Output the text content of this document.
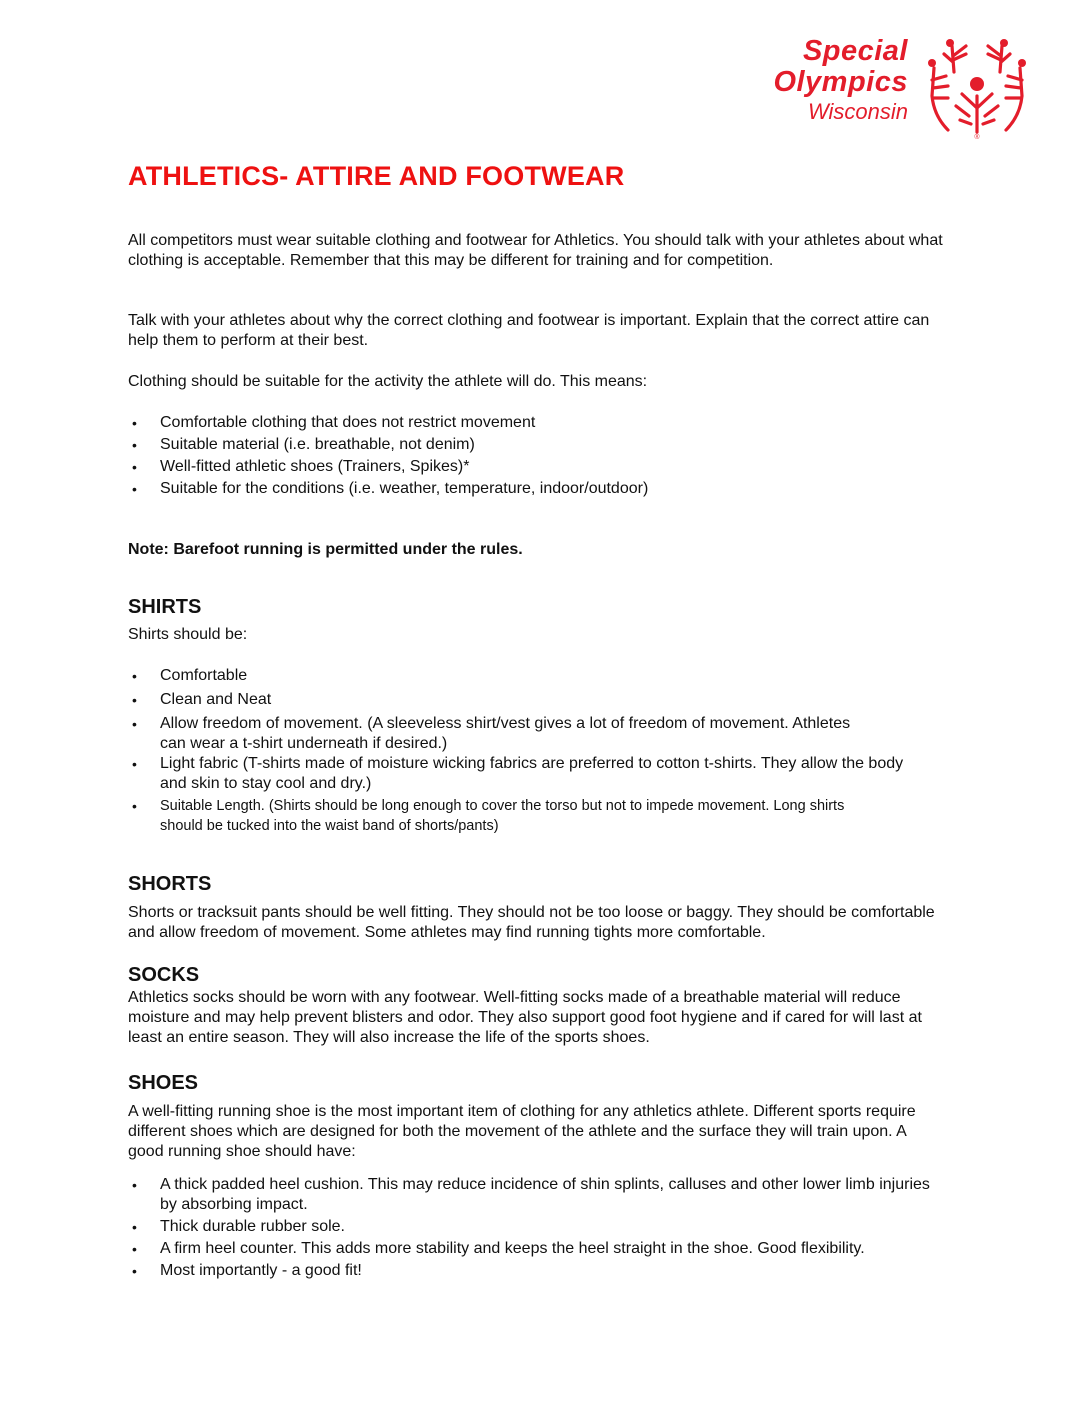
Special
Olympics
Wisconsin
®
ATHLETICS- ATTIRE AND FOOTWEAR

All competitors must wear suitable clothing and footwear for Athletics. You should talk with your athletes about what clothing is acceptable. Remember that this may be different for training and for competition.

Talk with your athletes about why the correct clothing and footwear is important. Explain that the correct attire can help them to perform at their best.

Clothing should be suitable for the activity the athlete will do. This means:

• Comfortable clothing that does not restrict movement
• Suitable material (i.e. breathable, not denim)
• Well-fitted athletic shoes (Trainers, Spikes)*
• Suitable for the conditions (i.e. weather, temperature, indoor/outdoor)

Note: Barefoot running is permitted under the rules.

SHIRTS

Shirts should be:

• Comfortable
• Clean and Neat
• Allow freedom of movement. (A sleeveless shirt/vest gives a lot of freedom of movement. Athletes can wear a t-shirt underneath if desired.)
• Light fabric (T-shirts made of moisture wicking fabrics are preferred to cotton t-shirts. They allow the body and skin to stay cool and dry.)
• Suitable Length. (Shirts should be long enough to cover the torso but not to impede movement. Long shirts should be tucked into the waist band of shorts/pants)
SHORTS

Shorts or tracksuit pants should be well fitting. They should not be too loose or baggy. They should be comfortable and allow freedom of movement. Some athletes may find running tights more comfortable.

SOCKS

Athletics socks should be worn with any footwear. Well-fitting socks made of a breathable material will reduce moisture and may help prevent blisters and odor. They also support good foot hygiene and if cared for will last at least an entire season. They will also increase the life of the sports shoes.

SHOES

A well-fitting running shoe is the most important item of clothing for any athletics athlete. Different sports require different shoes which are designed for both the movement of the athlete and the surface they will train upon. A good running shoe should have:

• A thick padded heel cushion. This may reduce incidence of shin splints, calluses and other lower limb injuries by absorbing impact.
• Thick durable rubber sole.
• A firm heel counter. This adds more stability and keeps the heel straight in the shoe. Good flexibility.
• Most importantly - a good fit!
